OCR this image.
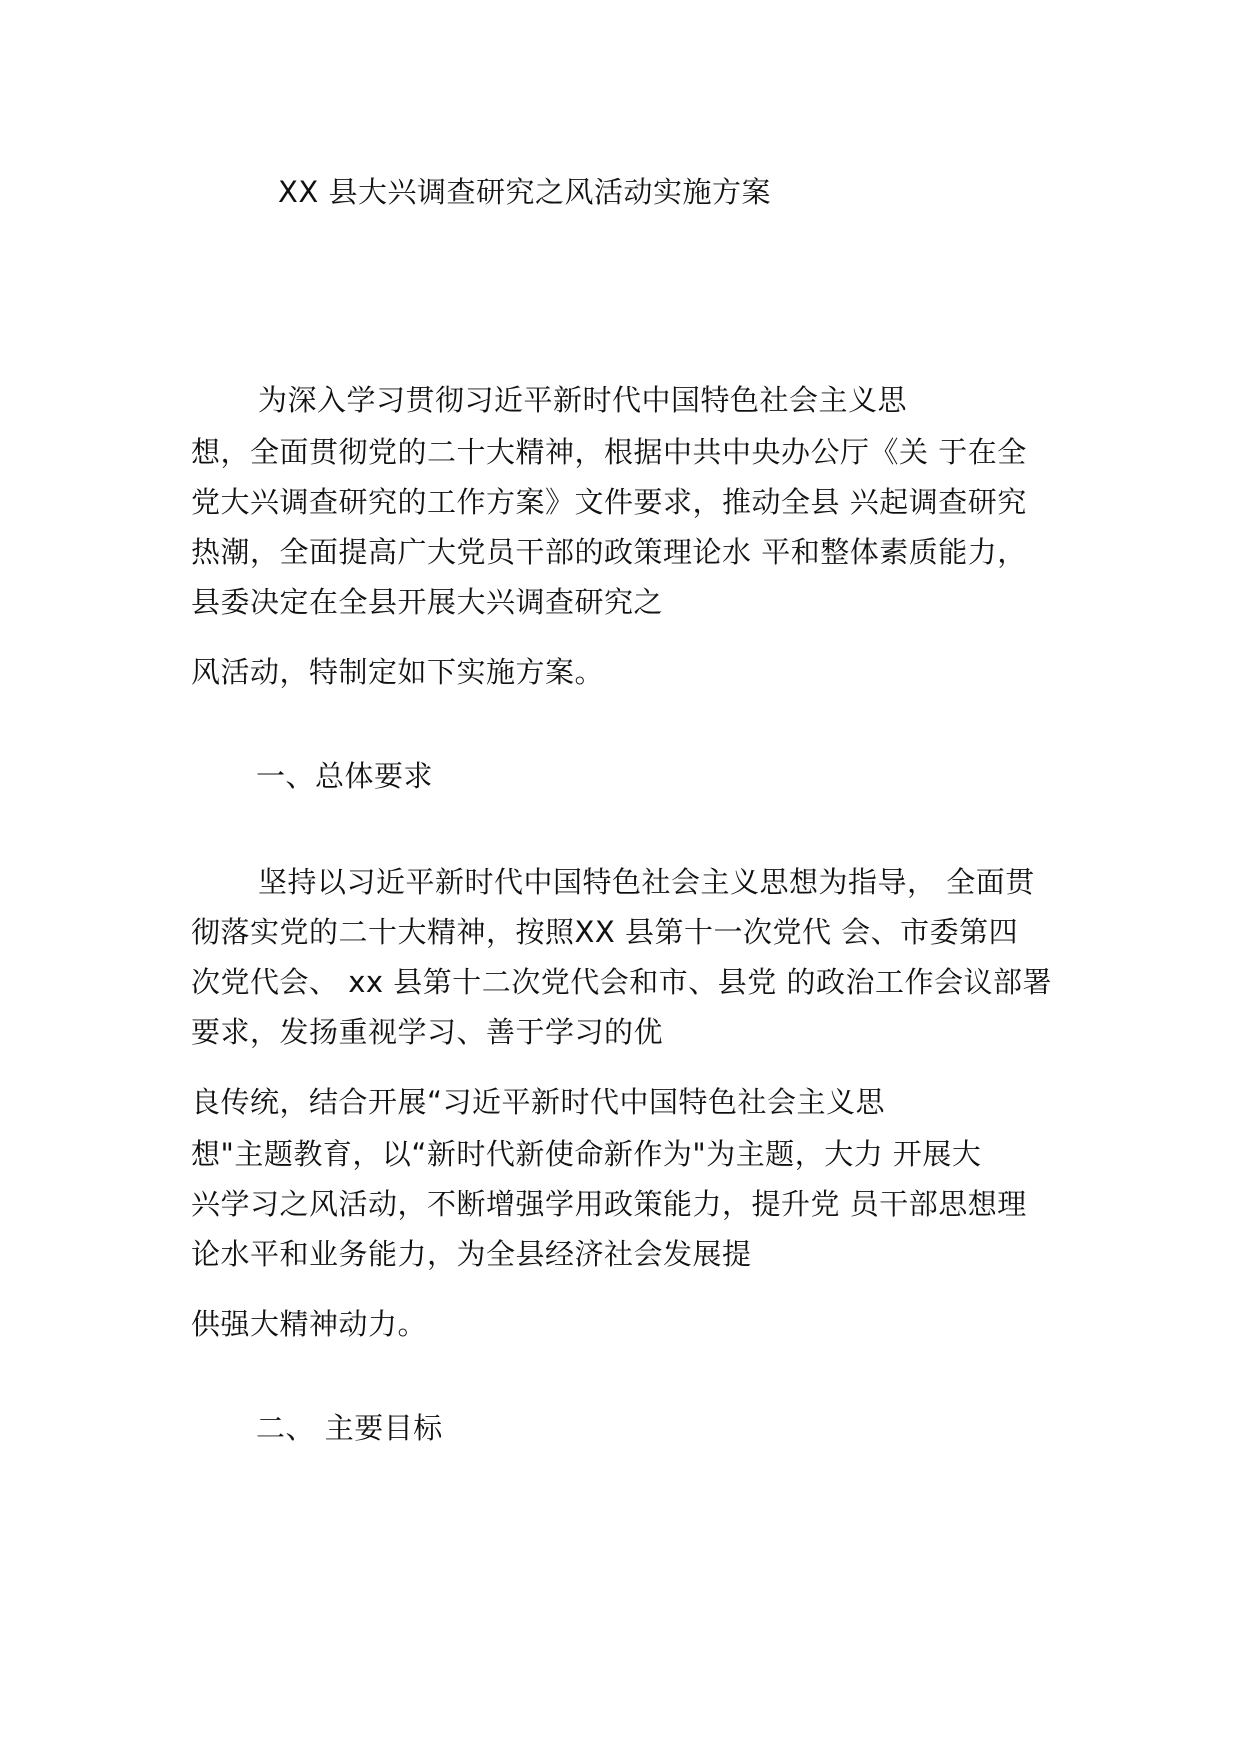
XX 县大兴调查研究之风活动实施方案
为深入学习贯彻习近平新时代中国特色社会主义思
想，全面贯彻党的二十大精神，根据中共中央办公厅《关 于在全
党大兴调查研究的工作方案》文件要求，推动全县 兴起调查研究
热潮，全面提高广大党员干部的政策理论水 平和整体素质能力，
县委决定在全县开展大兴调查研究之
风活动，特制定如下实施方案。
一、总体要求
坚持以习近平新时代中国特色社会主义思想为指导， 全面贯
彻落实党的二十大精神，按照XX 县第十一次党代 会、市委第四
次党代会、 xx 县第十二次党代会和市、县党 的政治工作会议部署
要求，发扬重视学习、善于学习的优
良传统，结合开展“习近平新时代中国特色社会主义思
想"主题教育，以“新时代新使命新作为"为主题，大力 开展大
兴学习之风活动，不断增强学用政策能力，提升党 员干部思想理
论水平和业务能力，为全县经济社会发展提
供强大精神动力。
二、 主要目标
